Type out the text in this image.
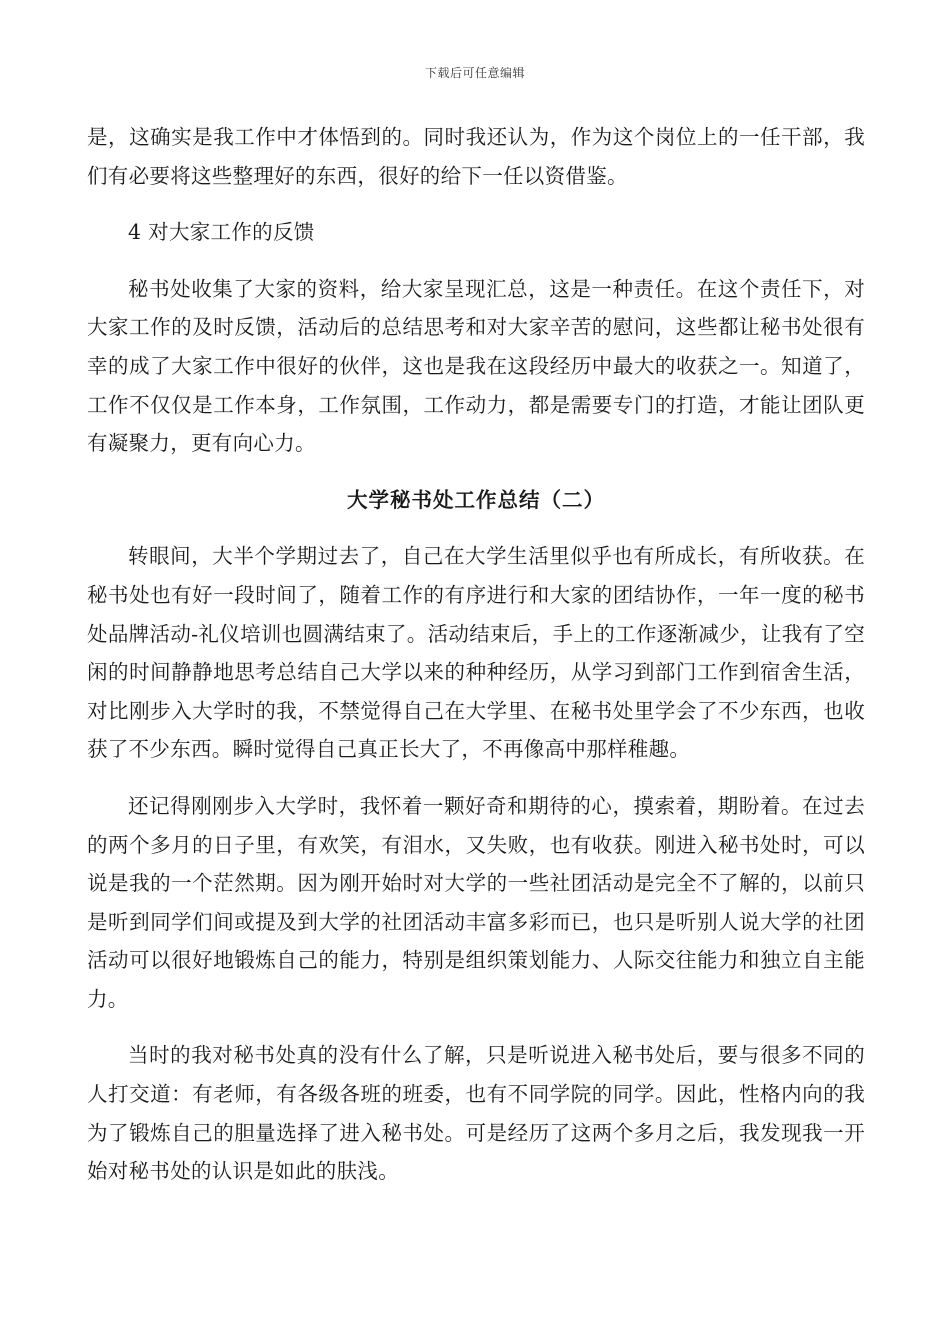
下载后可任意编辑

是，这确实是我工作中才体悟到的。同时我还认为，作为这个岗位上的一任干部，我们有必要将这些整理好的东西，很好的给下一任以资借鉴。

4 对大家工作的反馈

秘书处收集了大家的资料，给大家呈现汇总，这是一种责任。在这个责任下，对大家工作的及时反馈，活动后的总结思考和对大家辛苦的慰问，这些都让秘书处很有幸的成了大家工作中很好的伙伴，这也是我在这段经历中最大的收获之一。知道了，工作不仅仅是工作本身，工作氛围，工作动力，都是需要专门的打造，才能让团队更有凝聚力，更有向心力。

大学秘书处工作总结（二）

转眼间，大半个学期过去了，自己在大学生活里似乎也有所成长，有所收获。在秘书处也有好一段时间了，随着工作的有序进行和大家的团结协作，一年一度的秘书处品牌活动-礼仪培训也圆满结束了。活动结束后，手上的工作逐渐减少，让我有了空闲的时间静静地思考总结自己大学以来的种种经历，从学习到部门工作到宿舍生活，对比刚步入大学时的我，不禁觉得自己在大学里、在秘书处里学会了不少东西，也收获了不少东西。瞬时觉得自己真正长大了，不再像高中那样稚趣。

还记得刚刚步入大学时，我怀着一颗好奇和期待的心，摸索着，期盼着。在过去的两个多月的日子里，有欢笑，有泪水，又失败，也有收获。刚进入秘书处时，可以说是我的一个茫然期。因为刚开始时对大学的一些社团活动是完全不了解的，以前只是听到同学们间或提及到大学的社团活动丰富多彩而已，也只是听别人说大学的社团活动可以很好地锻炼自己的能力，特别是组织策划能力、人际交往能力和独立自主能力。

当时的我对秘书处真的没有什么了解，只是听说进入秘书处后，要与很多不同的人打交道：有老师，有各级各班的班委，也有不同学院的同学。因此，性格内向的我为了锻炼自己的胆量选择了进入秘书处。可是经历了这两个多月之后，我发现我一开始对秘书处的认识是如此的肤浅。
